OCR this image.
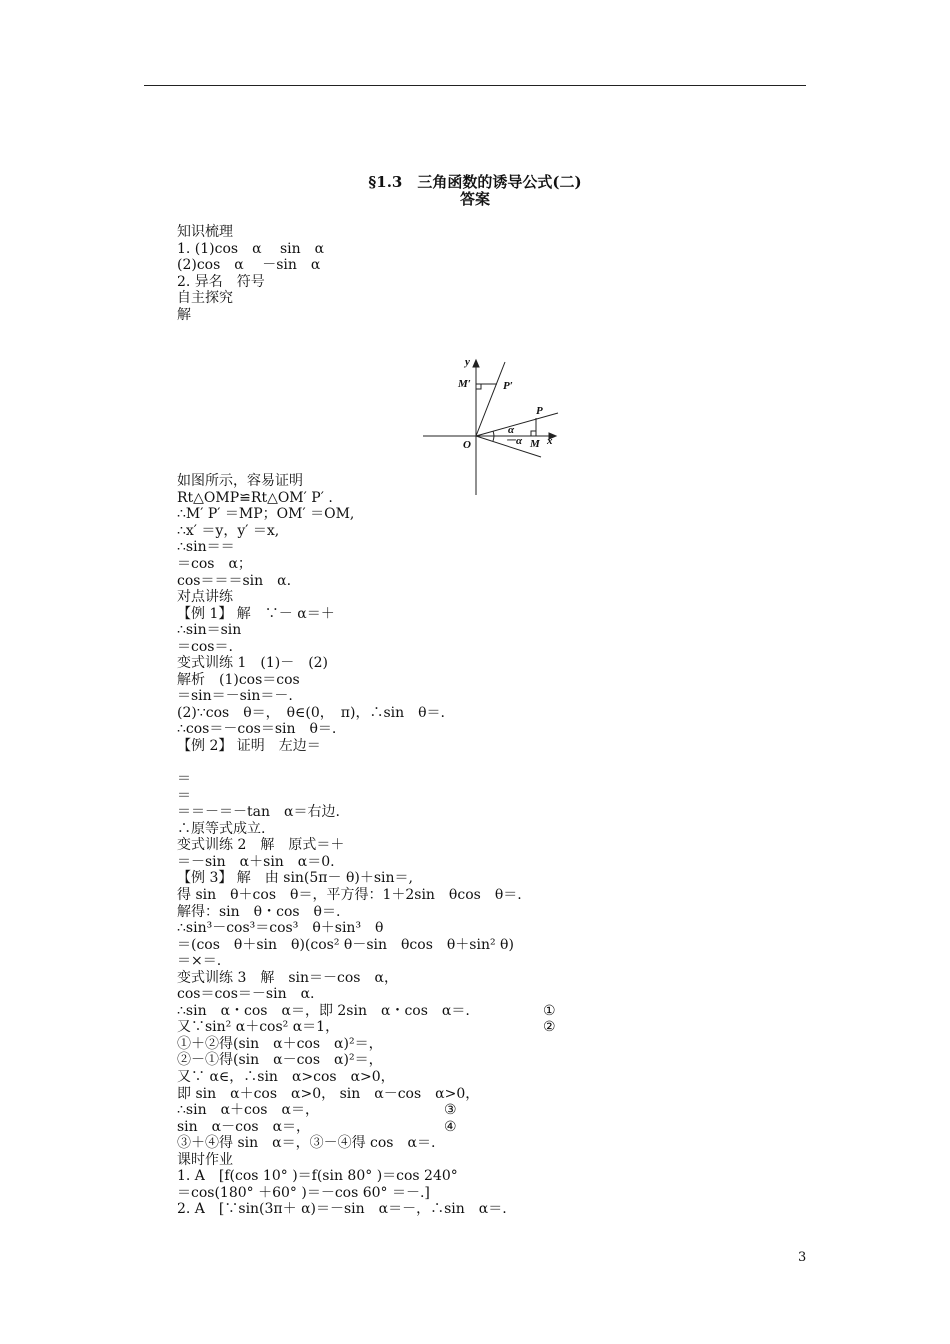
§1.3　三角函数的诱导公式(二)
答案
知识梳理
1. (1)cos　α　 sin　α
(2)cos　α　 －sin　α
2. 异名　符号
自主探究
解

y
M′	P′
P
α
－α M x
O

如图所示，容易证明
Rt△OMP≌Rt△OM′ P′ .
∴M′ P′ ＝MP；OM′ ＝OM,
∴x′ ＝y，y′ ＝x,
∴sin＝＝
＝cos　α；
cos＝＝＝sin　α.
对点讲练
【例 1】 解　∵－ α＝＋
∴sin＝sin
＝cos＝.
变式训练 1　(1)－　(2)
解析　(1)cos＝cos
＝sin＝－sin＝－.
(2)∵cos　θ＝，　θ∈(0，　π)，∴sin　θ＝.
∴cos＝－cos＝sin　θ＝.
【例 2】 证明　左边＝
＝
＝
＝＝－＝－tan　α＝右边.
∴原等式成立.
变式训练 2　解　原式＝＋
＝－sin　α＋sin　α＝0.
【例 3】 解　由 sin(5π－ θ)＋sin＝,
得 sin　θ＋cos　θ＝，平方得：1＋2sin　θcos　θ＝.
解得：sin　θ・cos　θ＝.
∴sin³－cos³＝cos³　θ＋sin³　θ
＝(cos　θ＋sin　θ)(cos² θ－sin　θcos　θ＋sin² θ)
＝×＝.
变式训练 3　解　sin＝－cos　α，
cos＝cos＝－sin　α.
∴sin　α・cos　α＝，即 2sin　α・cos　α＝.	①
又∵sin² α＋cos² α＝1，	②
①＋②得(sin　α＋cos　α)²＝，
②－①得(sin　α－cos　α)²＝，
又∵ α∈，∴sin　α>cos　α>0，
即 sin　α＋cos　α>0， sin　α－cos　α>0，
∴sin　α＋cos　α＝，	③
sin　α－cos　α＝，	④
③＋④得 sin　α＝，③－④得 cos　α＝.
课时作业
1. A　[f(cos 10° )＝f(sin 80° )＝cos 240°
＝cos(180° ＋60° )＝－cos 60° ＝－.]
2. A　[∵sin(3π＋ α)＝－sin　α＝－，∴sin　α＝.
3
